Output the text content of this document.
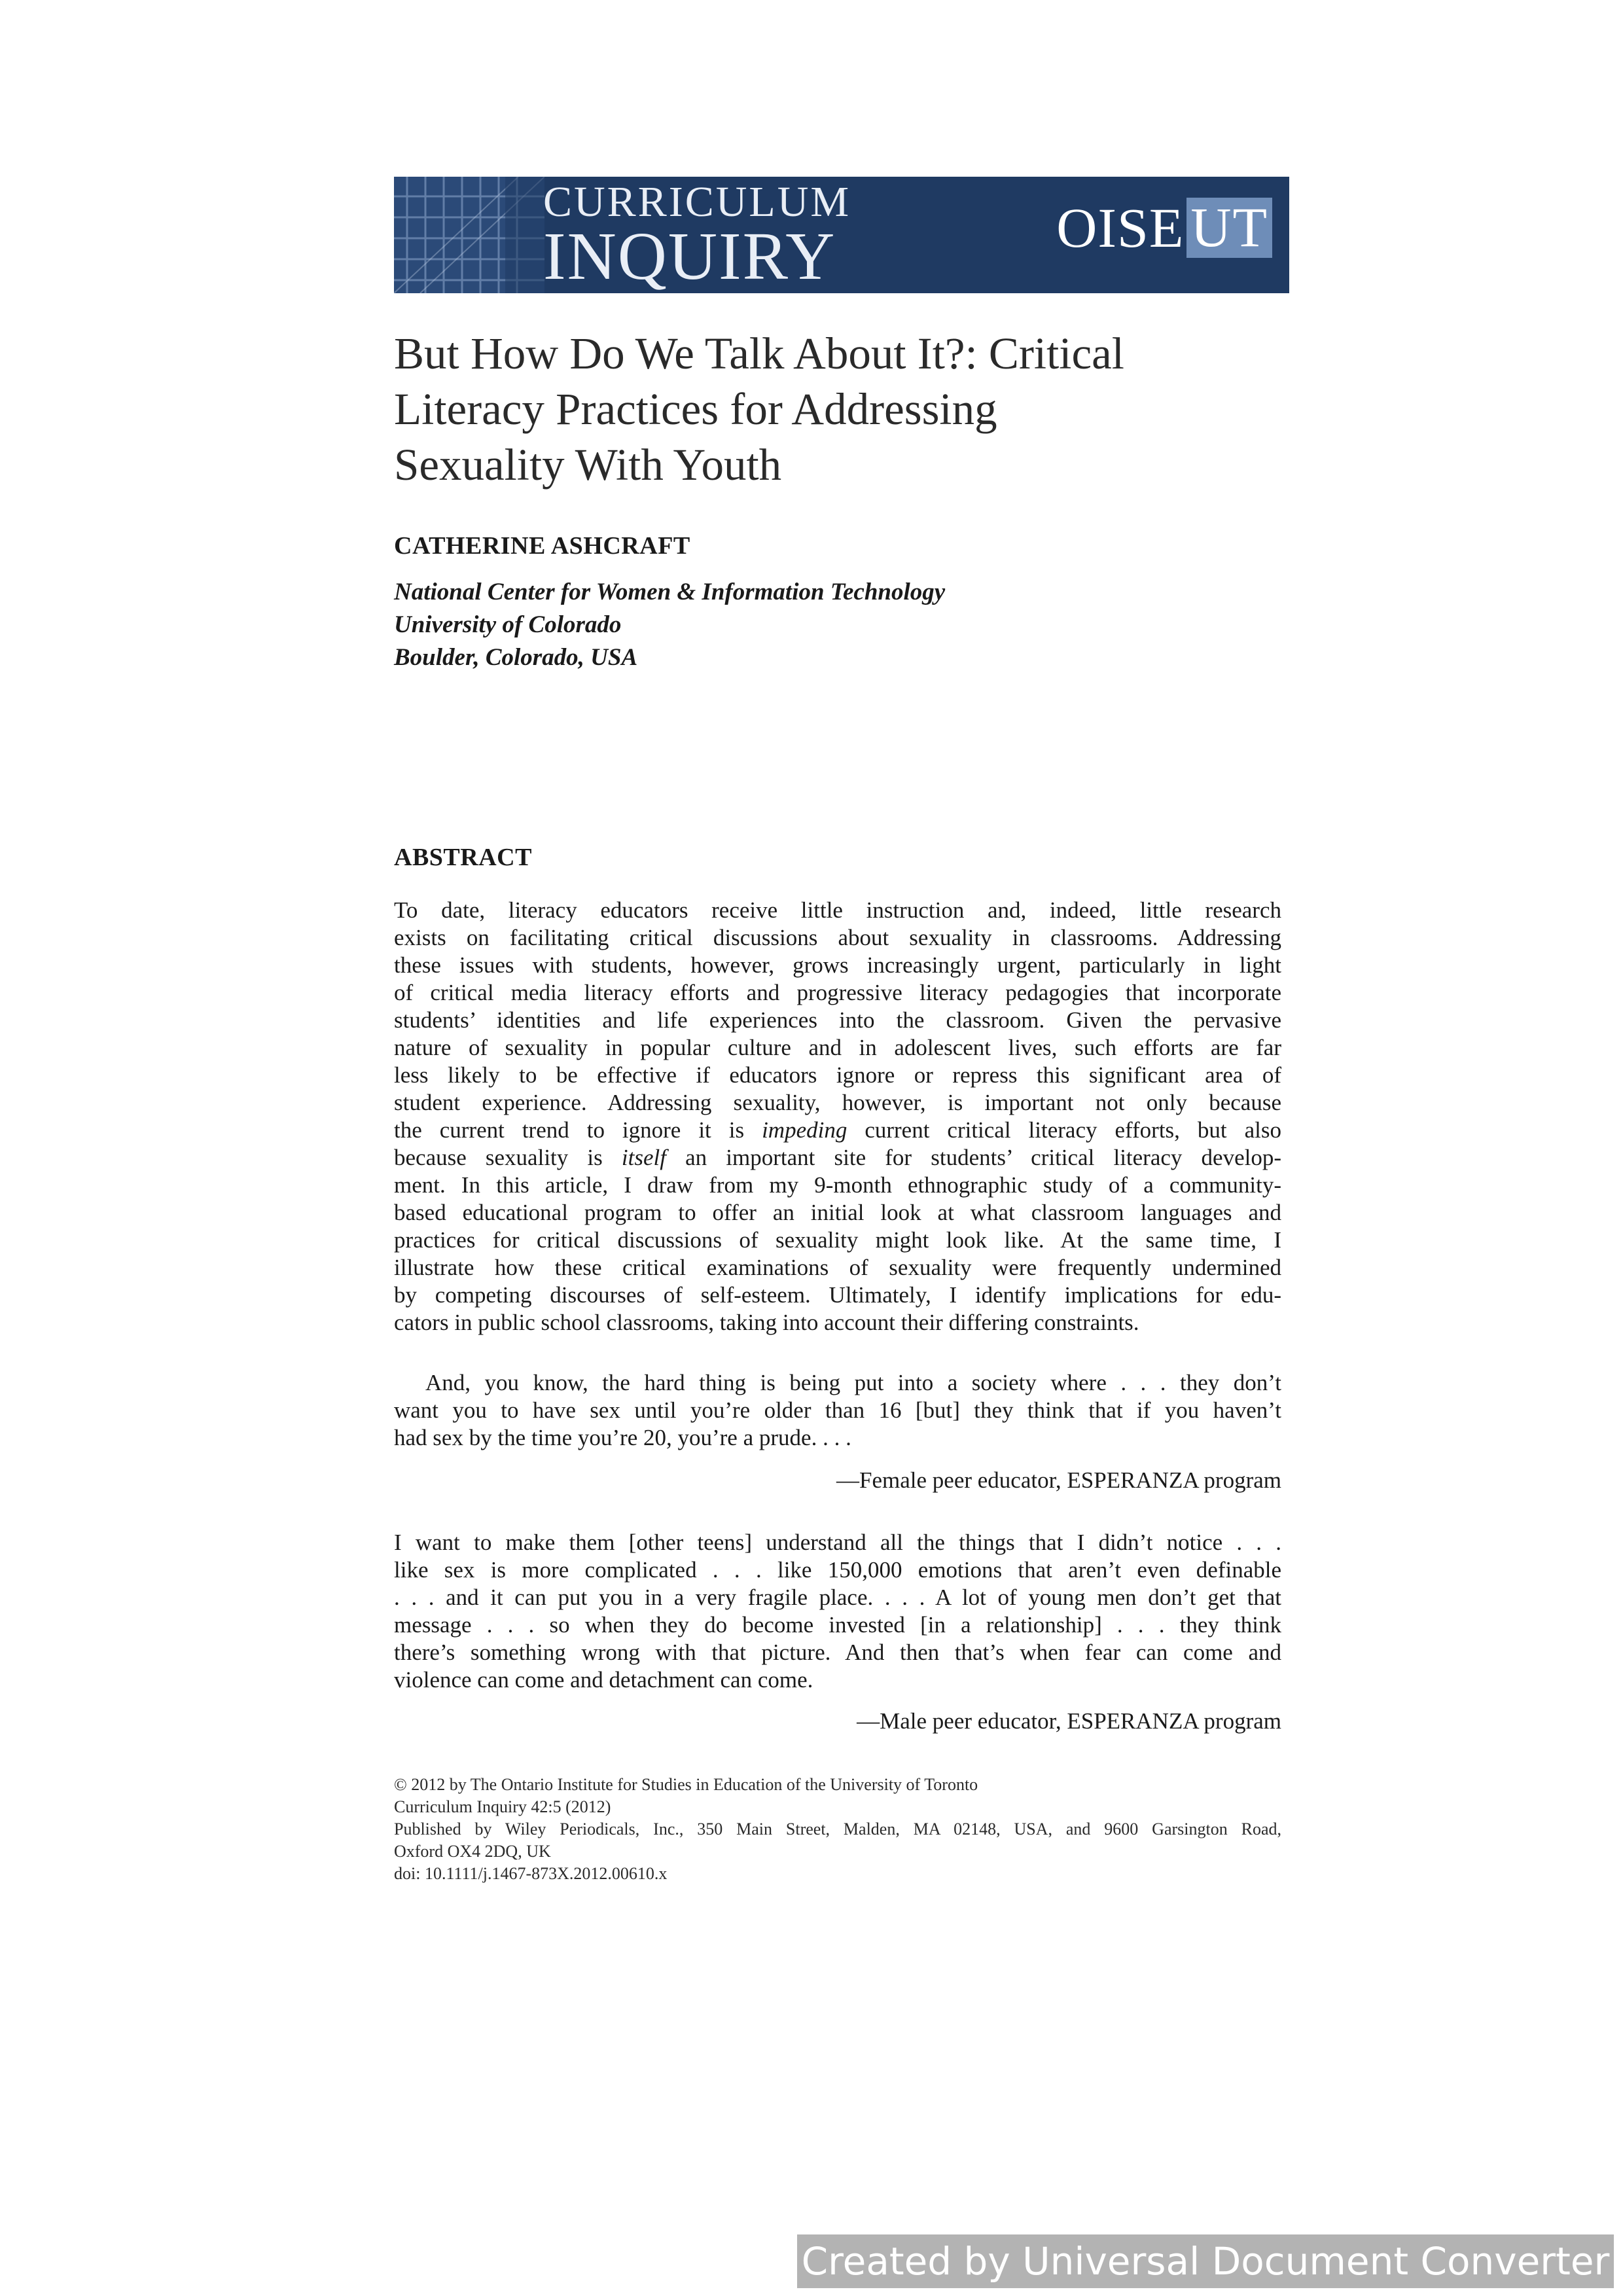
CURRICULUM
INQUIRY	OISE UT
But How Do We Talk About It?: Critical
Literacy Practices for Addressing
Sexuality With Youth
CATHERINE ASHCRAFT
National Center for Women & Information Technology
University of Colorado
Boulder, Colorado, USA
ABSTRACT
To date, literacy educators receive little instruction and, indeed, little research
exists on facilitating critical discussions about sexuality in classrooms. Addressing
these issues with students, however, grows increasingly urgent, particularly in light
of critical media literacy efforts and progressive literacy pedagogies that incorporate
students’ identities and life experiences into the classroom. Given the pervasive
nature of sexuality in popular culture and in adolescent lives, such efforts are far
less likely to be effective if educators ignore or repress this significant area of
student experience. Addressing sexuality, however, is important not only because
the current trend to ignore it is impeding current critical literacy efforts, but also
because sexuality is itself an important site for students’ critical literacy develop-
ment. In this article, I draw from my 9-month ethnographic study of a community-
based educational program to offer an initial look at what classroom languages and
practices for critical discussions of sexuality might look like. At the same time, I
illustrate how these critical examinations of sexuality were frequently undermined
by competing discourses of self-esteem. Ultimately, I identify implications for edu-
cators in public school classrooms, taking into account their differing constraints.
And, you know, the hard thing is being put into a society where . . . they don’t
want you to have sex until you’re older than 16 [but] they think that if you haven’t
had sex by the time you’re 20, you’re a prude. . . .
—Female peer educator, ESPERANZA program
I want to make them [other teens] understand all the things that I didn’t notice . . .
like sex is more complicated . . . like 150,000 emotions that aren’t even definable
. . . and it can put you in a very fragile place. . . . A lot of young men don’t get that
message . . . so when they do become invested [in a relationship] . . . they think
there’s something wrong with that picture. And then that’s when fear can come and
violence can come and detachment can come.
—Male peer educator, ESPERANZA program
© 2012 by The Ontario Institute for Studies in Education of the University of Toronto
Curriculum Inquiry 42:5 (2012)
Published by Wiley Periodicals, Inc., 350 Main Street, Malden, MA 02148, USA, and 9600 Garsington Road,
Oxford OX4 2DQ, UK
doi: 10.1111/j.1467-873X.2012.00610.x
Created by Universal Document Converter
